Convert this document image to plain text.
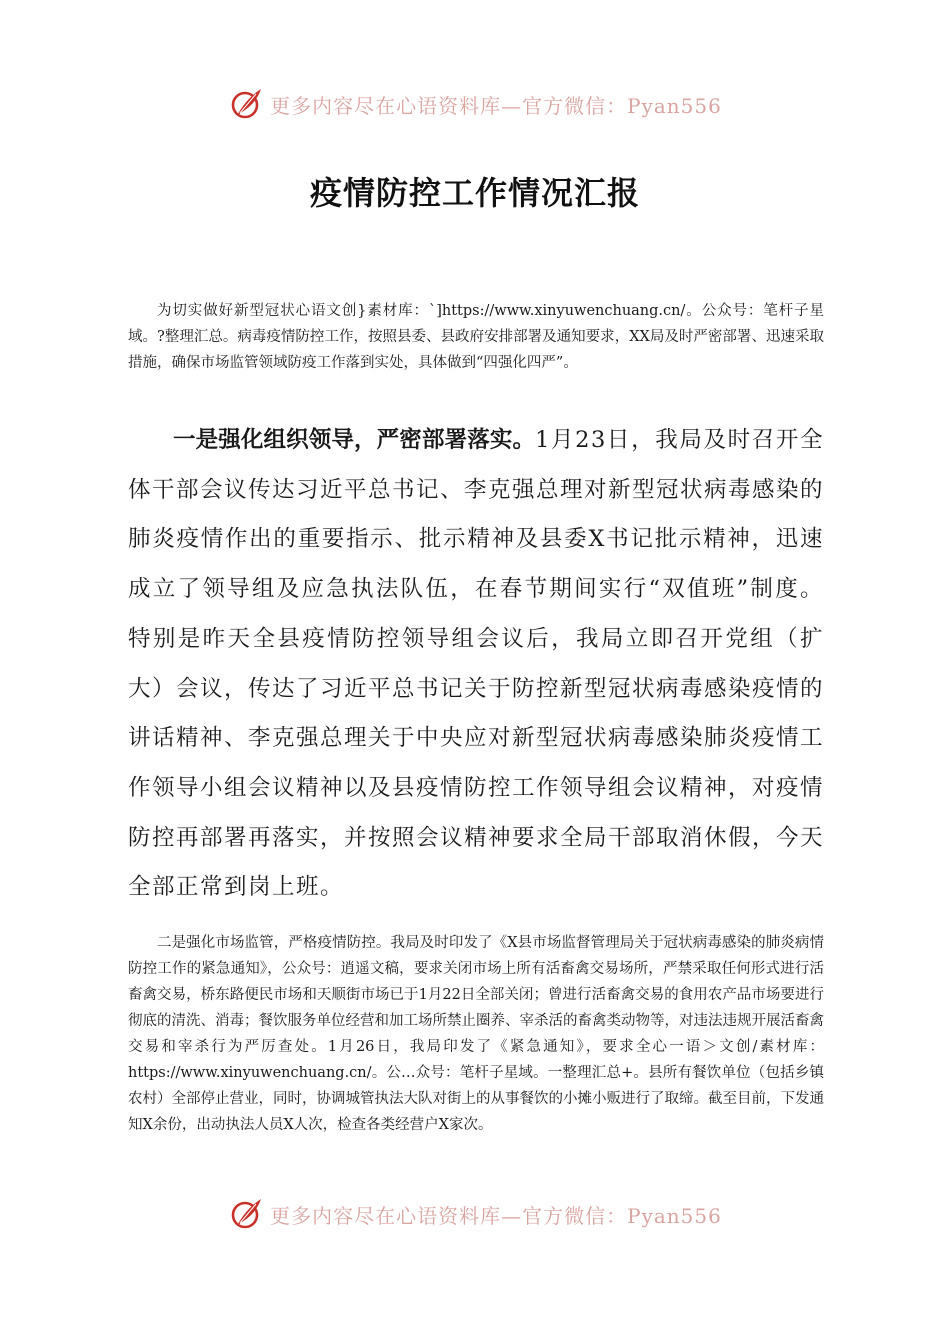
更多内容尽在心语资料库—官方微信：Pyan556
疫情防控工作情况汇报

为切实做好新型冠状心语文创}素材库：`]https://www.xinyuwenchuang.cn/。公众号：笔杆子星域。?整理汇总。病毒疫情防控工作，按照县委、县政府安排部署及通知要求，XX局及时严密部署、迅速采取措施，确保市场监管领域防疫工作落到实处，具体做到“四强化四严”。

一是强化组织领导，严密部署落实。1月23日，我局及时召开全体干部会议传达习近平总书记、李克强总理对新型冠状病毒感染的肺炎疫情作出的重要指示、批示精神及县委X书记批示精神，迅速成立了领导组及应急执法队伍，在春节期间实行“双值班”制度。特别是昨天全县疫情防控领导组会议后，我局立即召开党组（扩大）会议，传达了习近平总书记关于防控新型冠状病毒感染疫情的讲话精神、李克强总理关于中央应对新型冠状病毒感染肺炎疫情工作领导小组会议精神以及县疫情防控工作领导组会议精神，对疫情防控再部署再落实，并按照会议精神要求全局干部取消休假，今天全部正常到岗上班。

二是强化市场监管，严格疫情防控。我局及时印发了《X县市场监督管理局关于冠状病毒感染的肺炎病情防控工作的紧急通知》，公众号：逍遥文稿，要求关闭市场上所有活畜禽交易场所，严禁采取任何形式进行活畜禽交易，桥东路便民市场和天顺街市场已于1月22日全部关闭；曾进行活畜禽交易的食用农产品市场要进行彻底的清洗、消毒；餐饮服务单位经营和加工场所禁止圈养、宰杀活的畜禽类动物等，对违法违规开展活畜禽交易和宰杀行为严厉查处。1月26日，我局印发了《紧急通知》，要求全心一语＞文创/素材库：https://www.xinyuwenchuang.cn/。公…众号：笔杆子星域。一整理汇总+。县所有餐饮单位（包括乡镇农村）全部停止营业，同时，协调城管执法大队对街上的从事餐饮的小摊小贩进行了取缔。截至目前，下发通知X余份，出动执法人员X人次，检查各类经营户X家次。

更多内容尽在心语资料库—官方微信：Pyan556
